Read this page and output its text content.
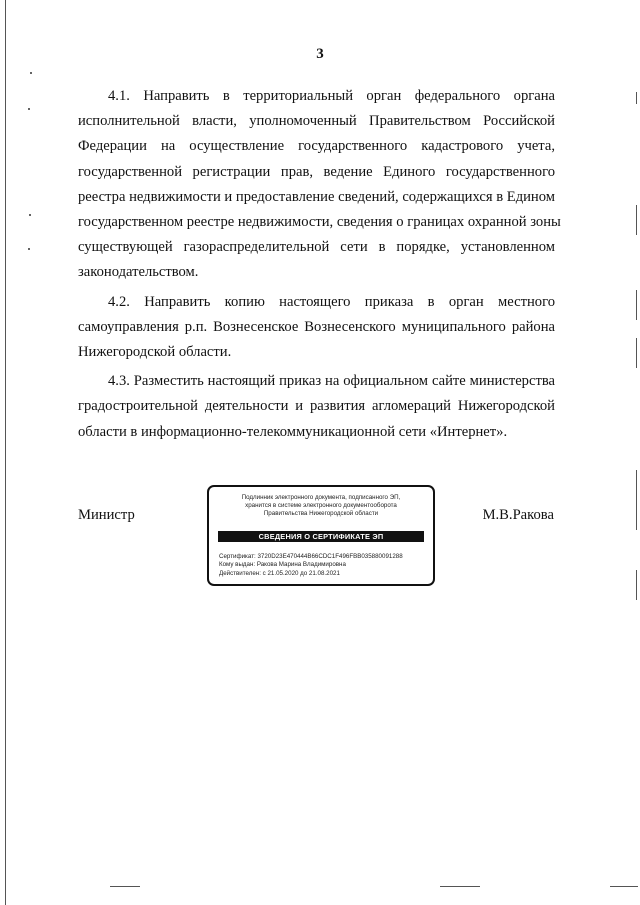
3

4.1. Направить в территориальный орган федерального органа
исполнительной власти, уполномоченный Правительством Российской
Федерации на осуществление государственного кадастрового учета,
государственной регистрации прав, ведение Единого государственного
реестра недвижимости и предоставление сведений, содержащихся в Едином
государственном реестре недвижимости, сведения о границах охранной зоны
существующей газораспределительной сети в порядке, установленном
законодательством.

4.2. Направить копию настоящего приказа в орган местного
самоуправления р.п. Вознесенское Вознесенского муниципального района
Нижегородской области.

4.3. Разместить настоящий приказ на официальном сайте министерства
градостроительной деятельности и развития агломераций Нижегородской
области в информационно-телекоммуникационной сети «Интернет».

Министр	М.В.Ракова
Подлинник электронного документа, подписанного ЭП,
хранится в системе электронного документооборота
Правительства Нижегородской области
СВЕДЕНИЯ О СЕРТИФИКАТЕ ЭП
Сертификат: 3720D23E470444B66CDC1F496FBB035880091288
Кому выдан: Ракова Марина Владимировна
Действителен: с 21.05.2020 до 21.08.2021
